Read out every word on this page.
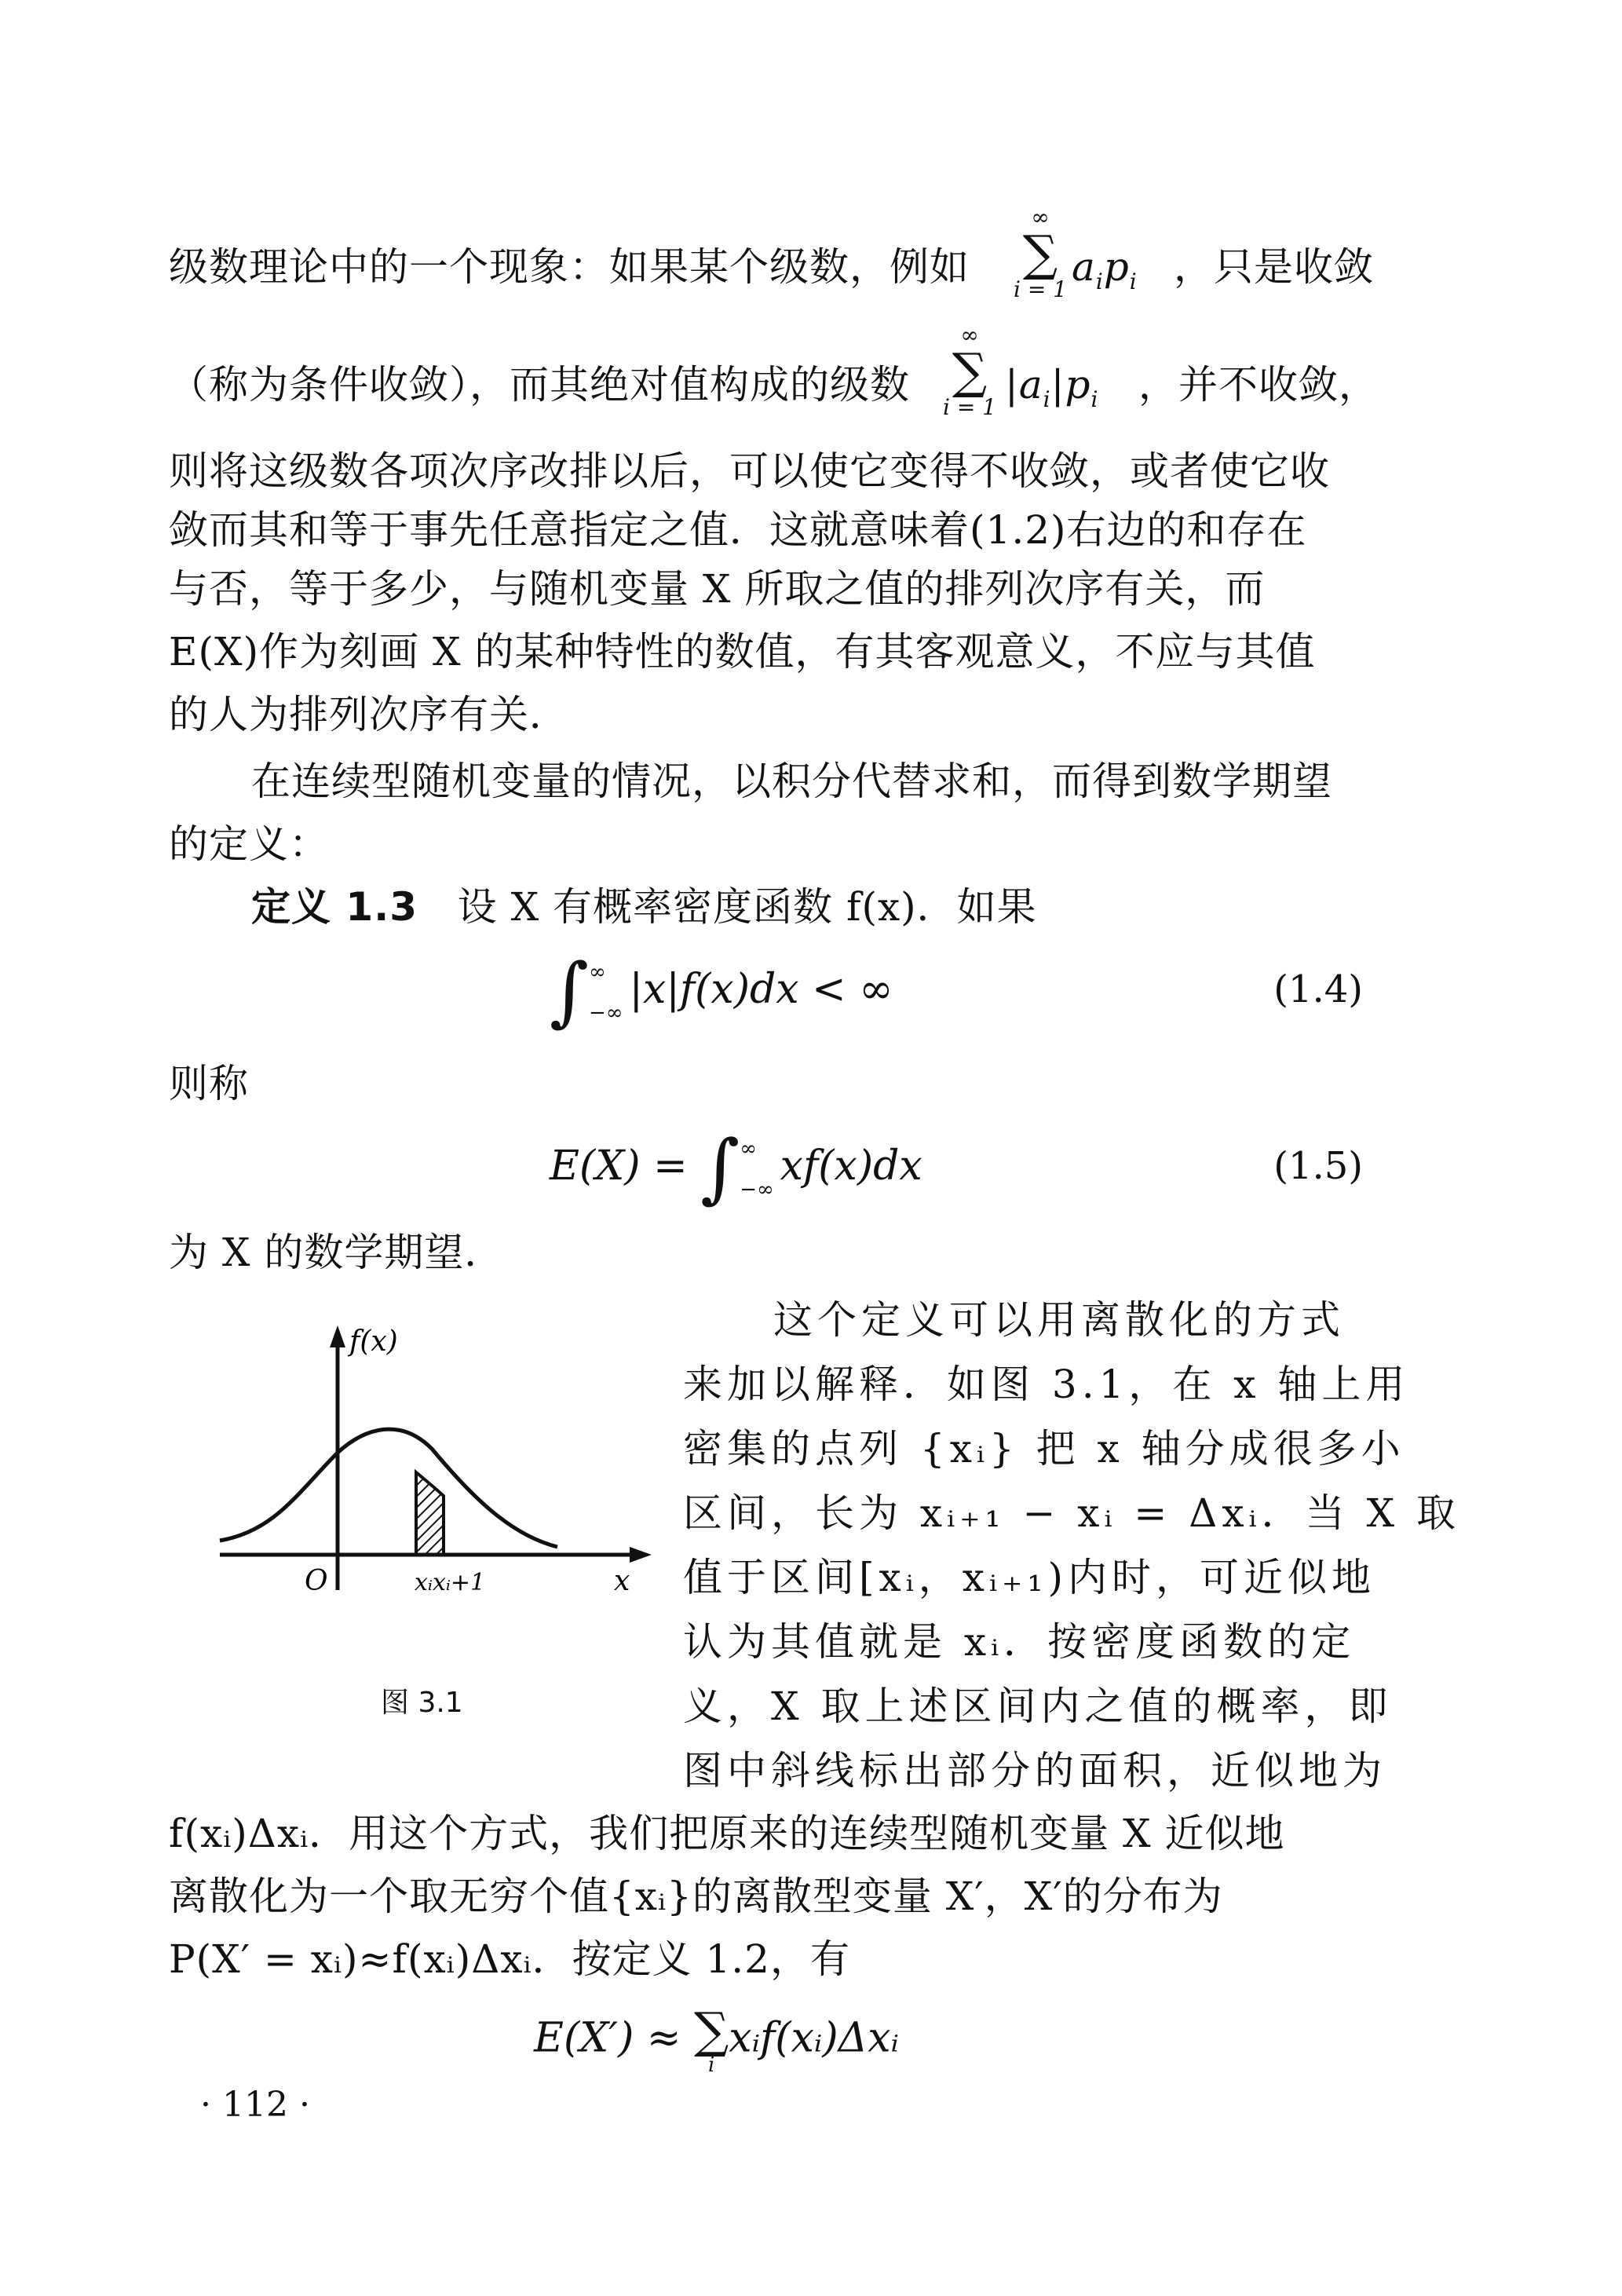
级数理论中的一个现象：如果某个级数，例如
∞
∑
i = 1 $a_ip_i$ ，只是收敛
（称为条件收敛），而其绝对值构成的级数
∞
∑
i = 1 $|a_i|p_i$ ，并不收敛，
则将这级数各项次序改排以后，可以使它变得不收敛，或者使它收
敛而其和等于事先任意指定之值．这就意味着(1.2)右边的和存在
与否，等于多少，与随机变量 X 所取之值的排列次序有关，而
E(X)作为刻画 X 的某种特性的数值，有其客观意义，不应与其值
的人为排列次序有关．
在连续型随机变量的情况，以积分代替求和，而得到数学期望
的定义：
定义 1.3 设 X 有概率密度函数 f(x)．如果
∫∞

−∞ |x|f(x)dx < ∞	(1.4)
则称
E(X) = ∫∞

−∞ xf(x)dx	(1.5)
为 X 的数学期望．
f(x)
O	xᵢxᵢ+1	x
图 3.1
这个定义可以用离散化的方式
来加以解释．如图 3.1，在 x 轴上用
密集的点列 {xᵢ} 把 x 轴分成很多小
区间，长为 xᵢ₊₁ − xᵢ = Δxᵢ．当 X 取
值于区间[xᵢ，xᵢ₊₁)内时，可近似地
认为其值就是 xᵢ．按密度函数的定
义，X 取上述区间内之值的概率，即
图中斜线标出部分的面积，近似地为
f(xᵢ)Δxᵢ．用这个方式，我们把原来的连续型随机变量 X 近似地
离散化为一个取无穷个值{xᵢ}的离散型变量 X′，X′的分布为
P(X′ = xᵢ)≈f(xᵢ)Δxᵢ．按定义 1.2，有
E(X′) ≈ ∑
i
xᵢf(xᵢ)Δxᵢ
· 112 ·
